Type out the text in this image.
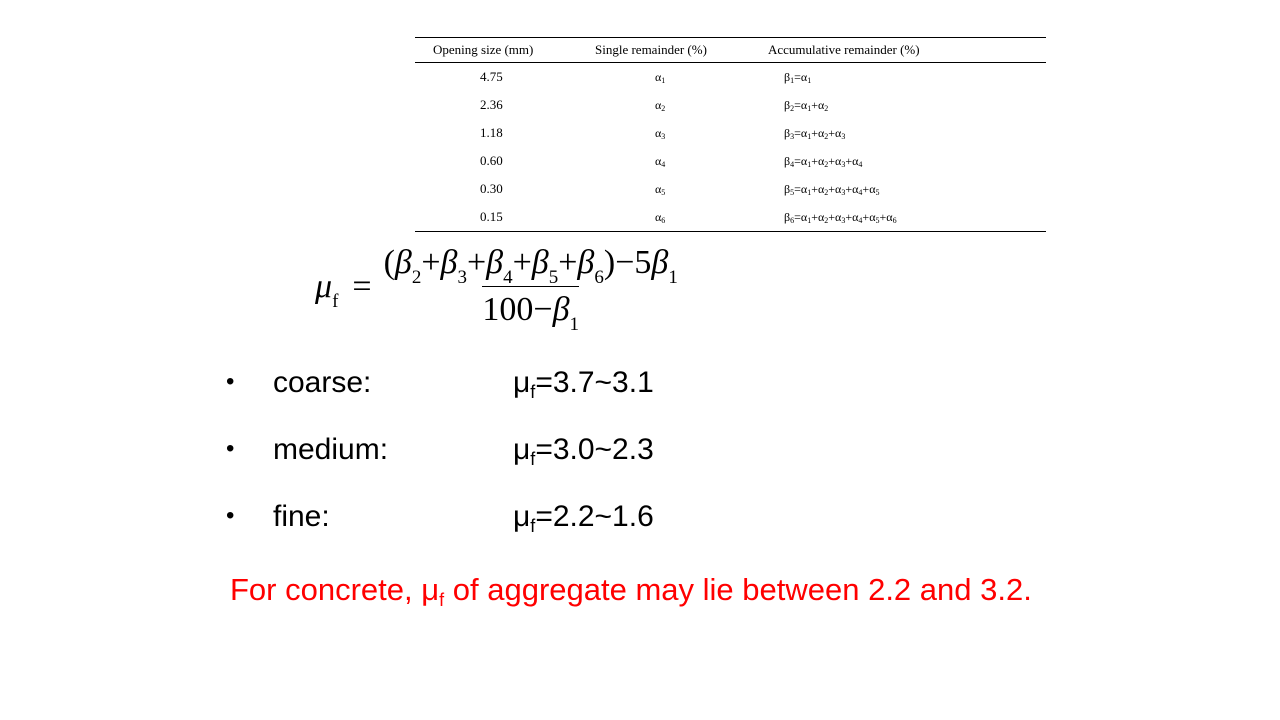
Opening size (mm)	Single remainder (%)	Accumulative remainder (%)
4.75	$\alpha_1$	$\beta_1=\alpha_1$
2.36	$\alpha_2$	$\beta_2=\alpha_1+\alpha_2$
1.18	$\alpha_3$	$\beta_3=\alpha_1+\alpha_2+\alpha_3$
0.60	$\alpha_4$	$\beta_4=\alpha_1+\alpha_2+\alpha_3+\alpha_4$
0.30	$\alpha_5$	$\beta_5=\alpha_1+\alpha_2+\alpha_3+\alpha_4+\alpha_5$
0.15	$\alpha_6$	$\beta_6=\alpha_1+\alpha_2+\alpha_3+\alpha_4+\alpha_5+\alpha_6$
$\mu_f = \frac{(\beta_2+\beta_3+\beta_4+\beta_5+\beta_6)-5\beta_1}{100-\beta_1}$
• coarse:	$\mu_f=3.7\sim 3.1$
• medium:	$\mu_f=3.0\sim 2.3$
• fine:	$\mu_f=2.2\sim 1.6$
For concrete, $\mu_f$ of aggregate may lie between 2.2 and 3.2.
